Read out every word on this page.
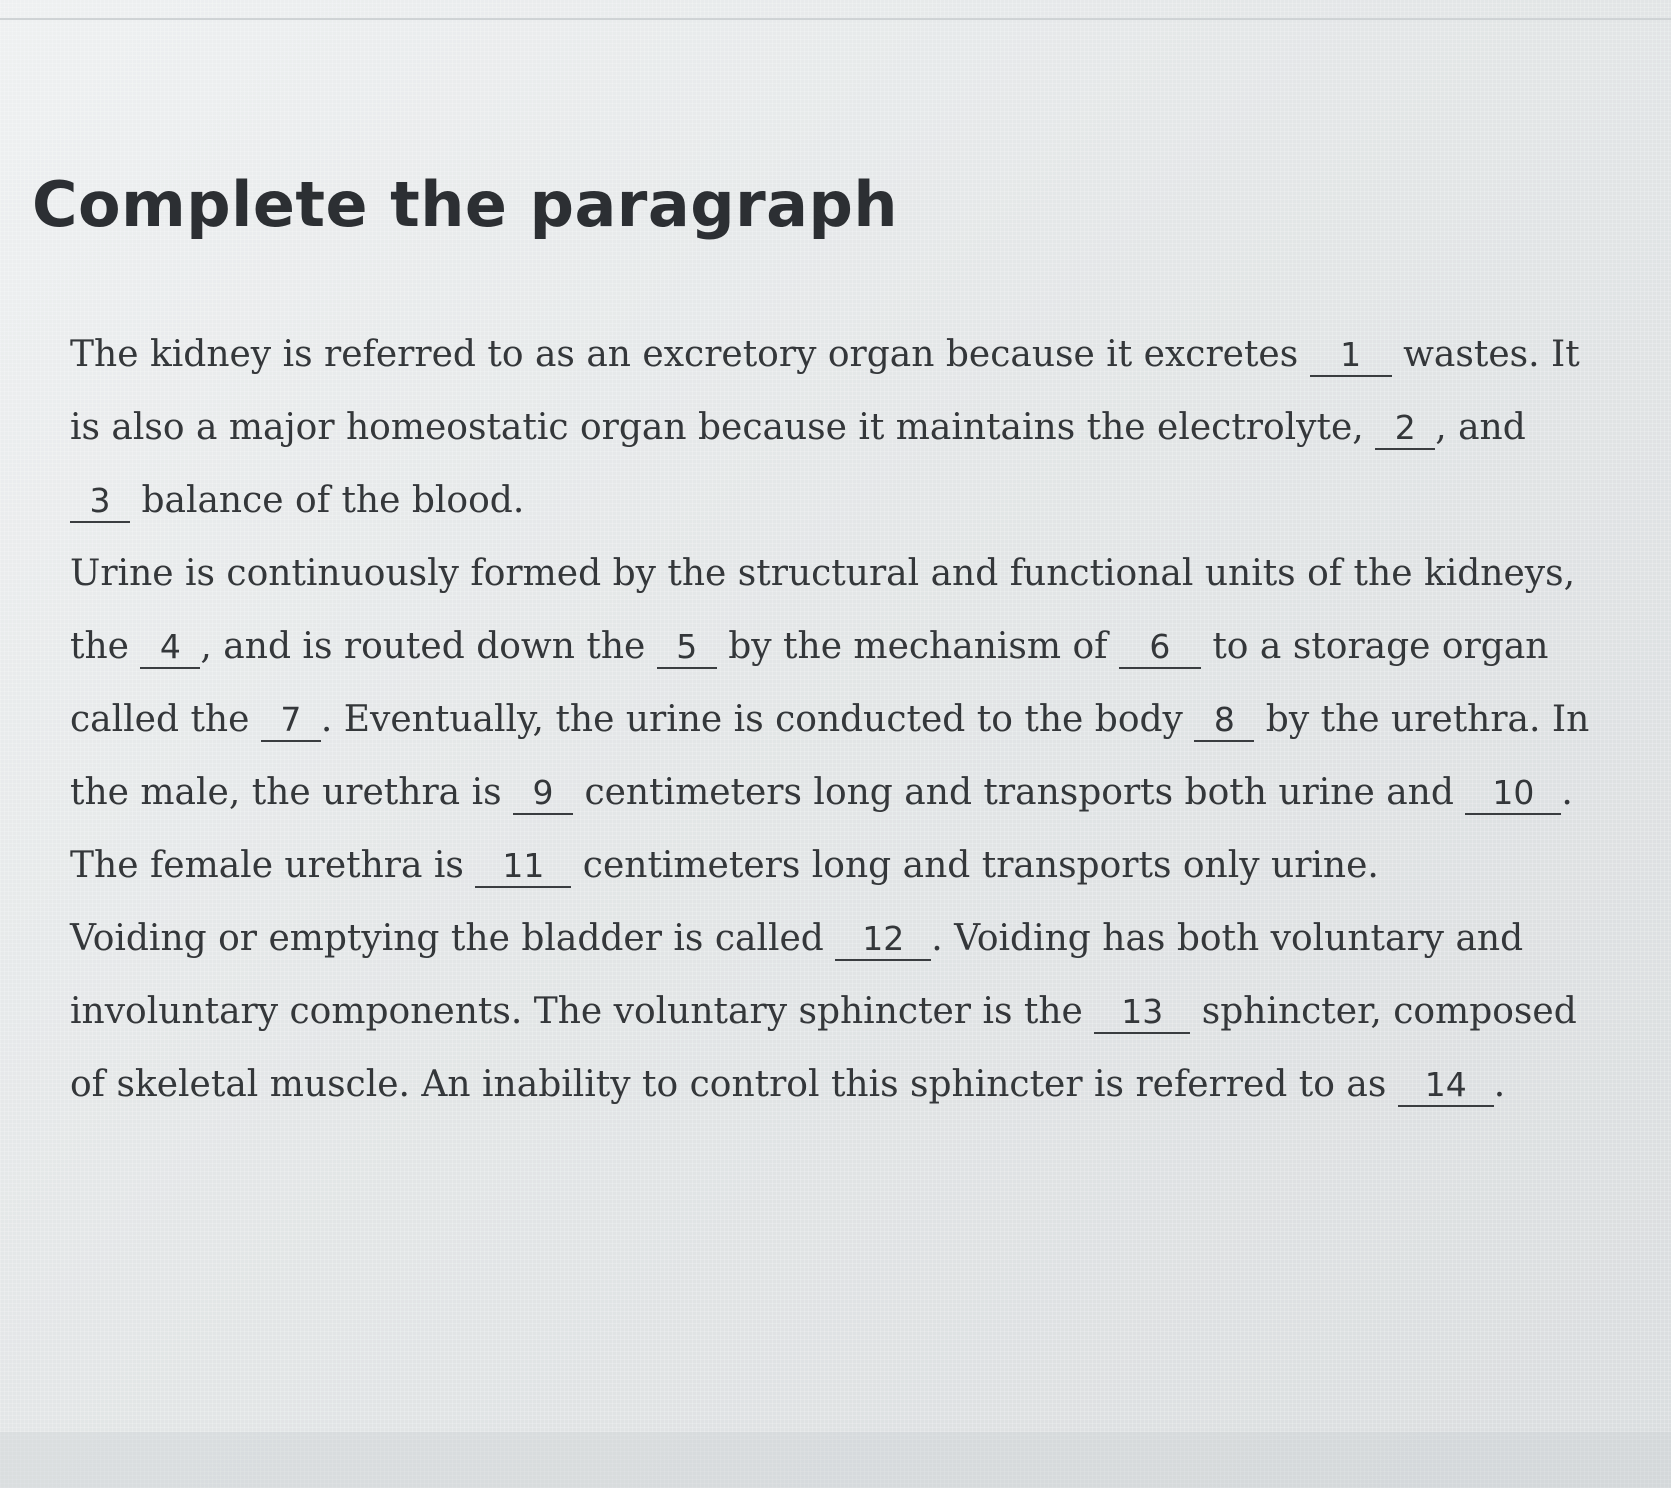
Complete the paragraph

The kidney is referred to as an excretory organ because it excretes 1 wastes. It is also a major homeostatic organ because it maintains the electrolyte, 2 , and
3 balance of the blood.

Urine is continuously formed by the structural and functional units of the kidneys, the 4 , and is routed down the 5 by the mechanism of 6 to a storage organ called the 7 . Eventually, the urine is conducted to the body 8 by the urethra. In the male, the urethra is 9 centimeters long and transports both urine and 10 . The female urethra is 11 centimeters long and transports only urine.

Voiding or emptying the bladder is called 12 . Voiding has both voluntary and involuntary components. The voluntary sphincter is the 13 sphincter, composed of skeletal muscle. An inability to control this sphincter is referred to as 14 .
